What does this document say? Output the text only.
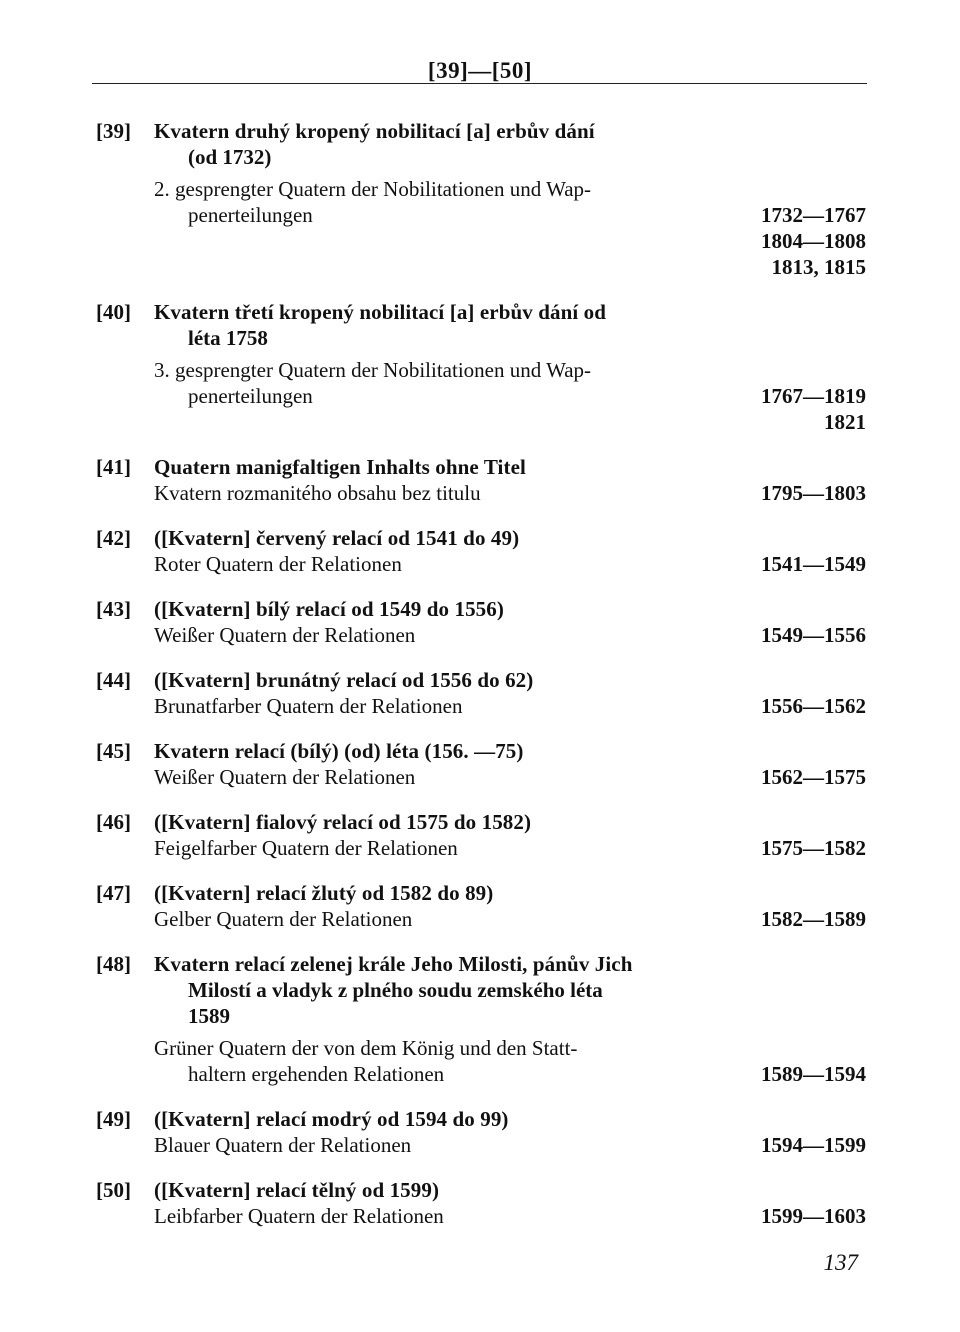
[39]—[50]
[39] Kvatern druhý kropený nobilitací [a] erbův dání
(od 1732)
2. gesprengter Quatern der Nobilitationen und Wap-
penerteilungen	1732—1767
1804—1808
1813, 1815
[40] Kvatern třetí kropený nobilitací [a] erbův dání od
léta 1758
3. gesprengter Quatern der Nobilitationen und Wap-
penerteilungen	1767—1819
1821
[41] Quatern manigfaltigen Inhalts ohne Titel
Kvatern rozmanitého obsahu bez titulu	1795—1803
[42] ([Kvatern] červený relací od 1541 do 49)
Roter Quatern der Relationen	1541—1549
[43] ([Kvatern] bílý relací od 1549 do 1556)
Weißer Quatern der Relationen	1549—1556
[44] ([Kvatern] brunátný relací od 1556 do 62)
Brunatfarber Quatern der Relationen	1556—1562
[45] Kvatern relací (bílý) (od) léta (156. —75)
Weißer Quatern der Relationen	1562—1575
[46] ([Kvatern] fialový relací od 1575 do 1582)
Feigelfarber Quatern der Relationen	1575—1582
[47] ([Kvatern] relací žlutý od 1582 do 89)
Gelber Quatern der Relationen	1582—1589
[48] Kvatern relací zelenej krále Jeho Milosti, pánův Jich
Milostí a vladyk z plného soudu zemského léta
1589
Grüner Quatern der von dem König und den Statt-
haltern ergehenden Relationen	1589—1594
[49] ([Kvatern] relací modrý od 1594 do 99)
Blauer Quatern der Relationen	1594—1599
[50] ([Kvatern] relací tělný od 1599)
Leibfarber Quatern der Relationen	1599—1603
137
